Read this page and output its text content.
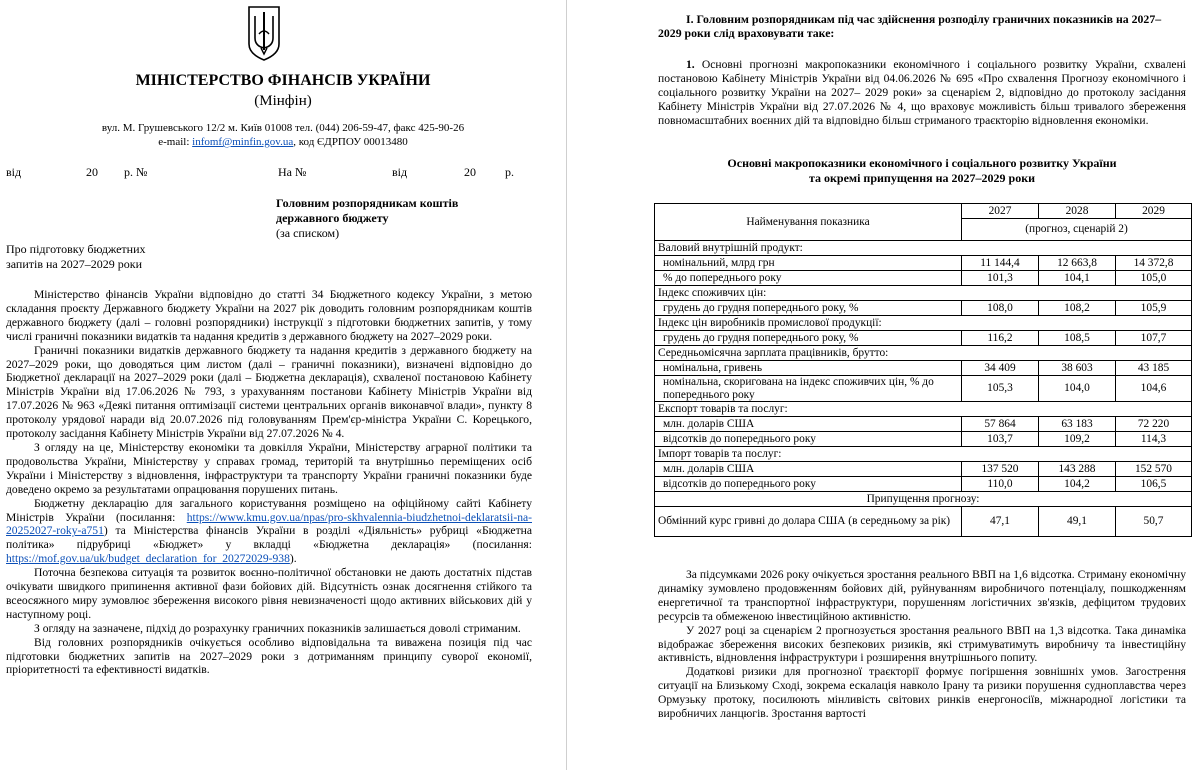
МІНІСТЕРСТВО ФІНАНСІВ УКРАЇНИ
(Мінфін)
вул. М. Грушевського 12/2 м. Київ 01008 тел. (044) 206-59-47, факс 425-90-26
e-mail: infomf@minfin.gov.ua, код ЄДРПОУ 00013480
від	20 р. №	На №	від	20 р.
Головним розпорядникам коштів
державного бюджету
(за списком)
Про підготовку бюджетних
запитів на 2027–2029 роки

Міністерство фінансів України відповідно до статті 34 Бюджетного кодексу України, з метою складання проєкту Державного бюджету України на 2027 рік доводить головним розпорядникам коштів державного бюджету (далі – головні розпорядники) інструкції з підготовки бюджетних запитів, у тому числі граничні показники видатків та надання кредитів з державного бюджету на 2027–2029 роки.

Граничні показники видатків державного бюджету та надання кредитів з державного бюджету на 2027–2029 роки, що доводяться цим листом (далі – граничні показники), визначені відповідно до Бюджетної декларації на 2027–2029 роки (далі – Бюджетна декларація), схваленої постановою Кабінету Міністрів України від 17.06.2026 № 793, з урахуванням постанови Кабінету Міністрів України від 17.07.2026 № 963 «Деякі питання оптимізації системи центральних органів виконавчої влади», пункту 8 протоколу урядової наради від 20.07.2026 під головуванням Прем'єр-міністра України С. Корецького, протоколу засідання Кабінету Міністрів України від 27.07.2026 № 4.

З огляду на це, Міністерству економіки та довкілля України, Міністерству аграрної політики та продовольства України, Міністерству у справах громад, територій та внутрішньо переміщених осіб України і Міністерству з відновлення, інфраструктури та транспорту України граничні показники буде доведено окремо за результатами опрацювання порушених питань.

Бюджетну декларацію для загального користування розміщено на офіційному сайті Кабінету Міністрів України (посилання: https://www.kmu.gov.ua/npas/pro-skhvalennia-biudzhetnoi-deklaratsii-na-20252027-roky-a751) та Міністерства фінансів України в розділі «Діяльність» рубриці «Бюджетна політика» підрубриці «Бюджет» у вкладці «Бюджетна декларація» (посилання: https://mof.gov.ua/uk/budget_declaration_for_20272029-938).

Поточна безпекова ситуація та розвиток воєнно-політичної обстановки не дають достатніх підстав очікувати швидкого припинення активної фази бойових дій. Відсутність ознак досягнення стійкого та всеосяжного миру зумовлює збереження високого рівня невизначеності щодо активних військових дій у наступному році.

З огляду на зазначене, підхід до розрахунку граничних показників залишається доволі стриманим.

Від головних розпорядників очікується особливо відповідальна та виважена позиція під час підготовки бюджетних запитів на 2027–2029 роки з дотриманням принципу суворої економії, пріоритетності та ефективності видатків.

І. Головним розпорядникам під час здійснення розподілу граничних показників на 2027–2029 роки слід враховувати таке:

1. Основні прогнозні макропоказники економічного і соціального розвитку України, схвалені постановою Кабінету Міністрів України від 04.06.2026 № 695 «Про схвалення Прогнозу економічного і соціального розвитку України на 2027– 2029 роки» за сценарієм 2, відповідно до протоколу засідання Кабінету Міністрів України від 27.07.2026 № 4, що враховує можливість більш тривалого збереження повномасштабних воєнних дій та відповідно більш стриманого траєкторію відновлення економіки.

Основні макропоказники економічного і соціального розвитку України
та окремі припущення на 2027–2029 роки
Найменування показника	2027	2028	2029
	(прогноз, сценарій 2)		
Валовий внутрішній продукт:			
номінальний, млрд грн	11 144,4	12 663,8	14 372,8
% до попереднього року	101,3	104,1	105,0
Індекс споживчих цін:			
грудень до грудня попереднього року, %	108,0	108,2	105,9
Індекс цін виробників промислової продукції:			
грудень до грудня попереднього року, %	116,2	108,5	107,7
Середньомісячна зарплата працівників, брутто:			
номінальна, гривень	34 409	38 603	43 185
номінальна, скоригована на індекс споживчих цін, % до попереднього року	105,3	104,0	104,6
Експорт товарів та послуг:			
млн. доларів США	57 864	63 183	72 220
відсотків до попереднього року	103,7	109,2	114,3
Імпорт товарів та послуг:			
млн. доларів США	137 520	143 288	152 570
відсотків до попереднього року	110,0	104,2	106,5
Припущення прогнозу:			
Обмінний курс гривні до долара США (в середньому за рік)	47,1	49,1	50,7

За підсумками 2026 року очікується зростання реального ВВП на 1,6 відсотка. Стриману економічну динаміку зумовлено продовженням бойових дій, руйнуванням виробничого потенціалу, пошкодженням енергетичної та транспортної інфраструктури, порушенням логістичних зв'язків, дефіцитом трудових ресурсів та обмеженою інвестиційною активністю.

У 2027 році за сценарієм 2 прогнозується зростання реального ВВП на 1,3 відсотка. Така динаміка відображає збереження високих безпекових ризиків, які стримуватимуть виробничу та інвестиційну активність, відновлення інфраструктури і розширення внутрішнього попиту.

Додаткові ризики для прогнозної траєкторії формує погіршення зовнішніх умов. Загострення ситуації на Близькому Сході, зокрема ескалація навколо Ірану та ризики порушення судноплавства через Ормузьку протоку, посилюють мінливість світових ринків енергоносіїв, міжнародної логістики та виробничих ланцюгів. Зростання вартості
